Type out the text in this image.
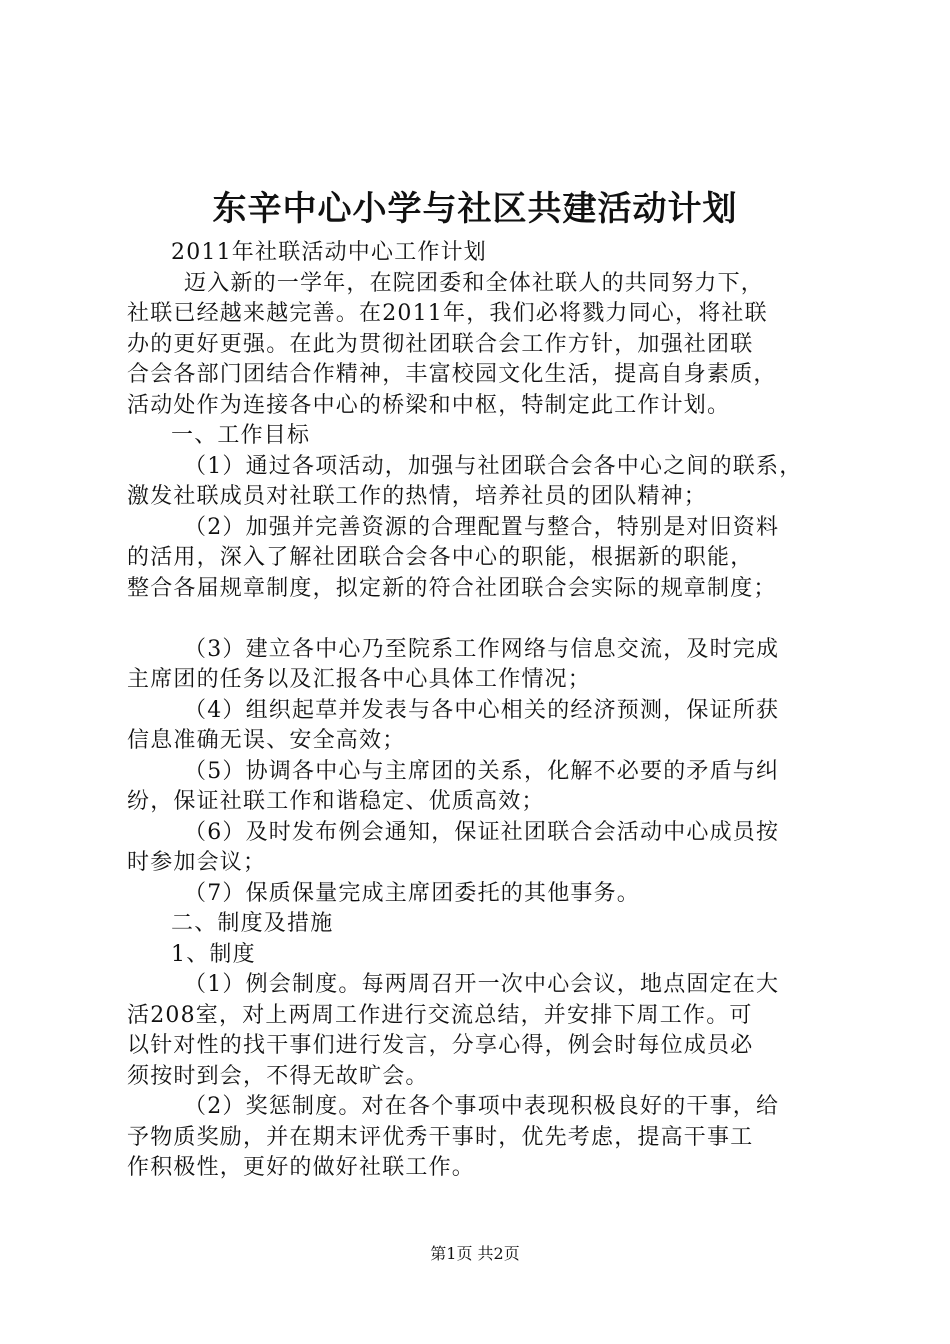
东辛中心小学与社区共建活动计划

2011年社联活动中心工作计划

迈入新的一学年，在院团委和全体社联人的共同努力下，

社联已经越来越完善。在2011年，我们必将戮力同心，将社联

办的更好更强。在此为贯彻社团联合会工作方针，加强社团联

合会各部门团结合作精神，丰富校园文化生活，提高自身素质，

活动处作为连接各中心的桥梁和中枢，特制定此工作计划。

一、工作目标

（1）通过各项活动，加强与社团联合会各中心之间的联系，

激发社联成员对社联工作的热情，培养社员的团队精神；

（2）加强并完善资源的合理配置与整合，特别是对旧资料

的活用，深入了解社团联合会各中心的职能，根据新的职能，

整合各届规章制度，拟定新的符合社团联合会实际的规章制度；

（3）建立各中心乃至院系工作网络与信息交流，及时完成

主席团的任务以及汇报各中心具体工作情况；

（4）组织起草并发表与各中心相关的经济预测，保证所获

信息准确无误、安全高效；

（5）协调各中心与主席团的关系，化解不必要的矛盾与纠

纷，保证社联工作和谐稳定、优质高效；

（6）及时发布例会通知，保证社团联合会活动中心成员按

时参加会议；

（7）保质保量完成主席团委托的其他事务。

二、制度及措施

1、制度

（1）例会制度。每两周召开一次中心会议，地点固定在大

活208室，对上两周工作进行交流总结，并安排下周工作。可

以针对性的找干事们进行发言，分享心得，例会时每位成员必

须按时到会，不得无故旷会。

（2）奖惩制度。对在各个事项中表现积极良好的干事，给

予物质奖励，并在期末评优秀干事时，优先考虑，提高干事工

作积极性，更好的做好社联工作。

第1页 共2页
